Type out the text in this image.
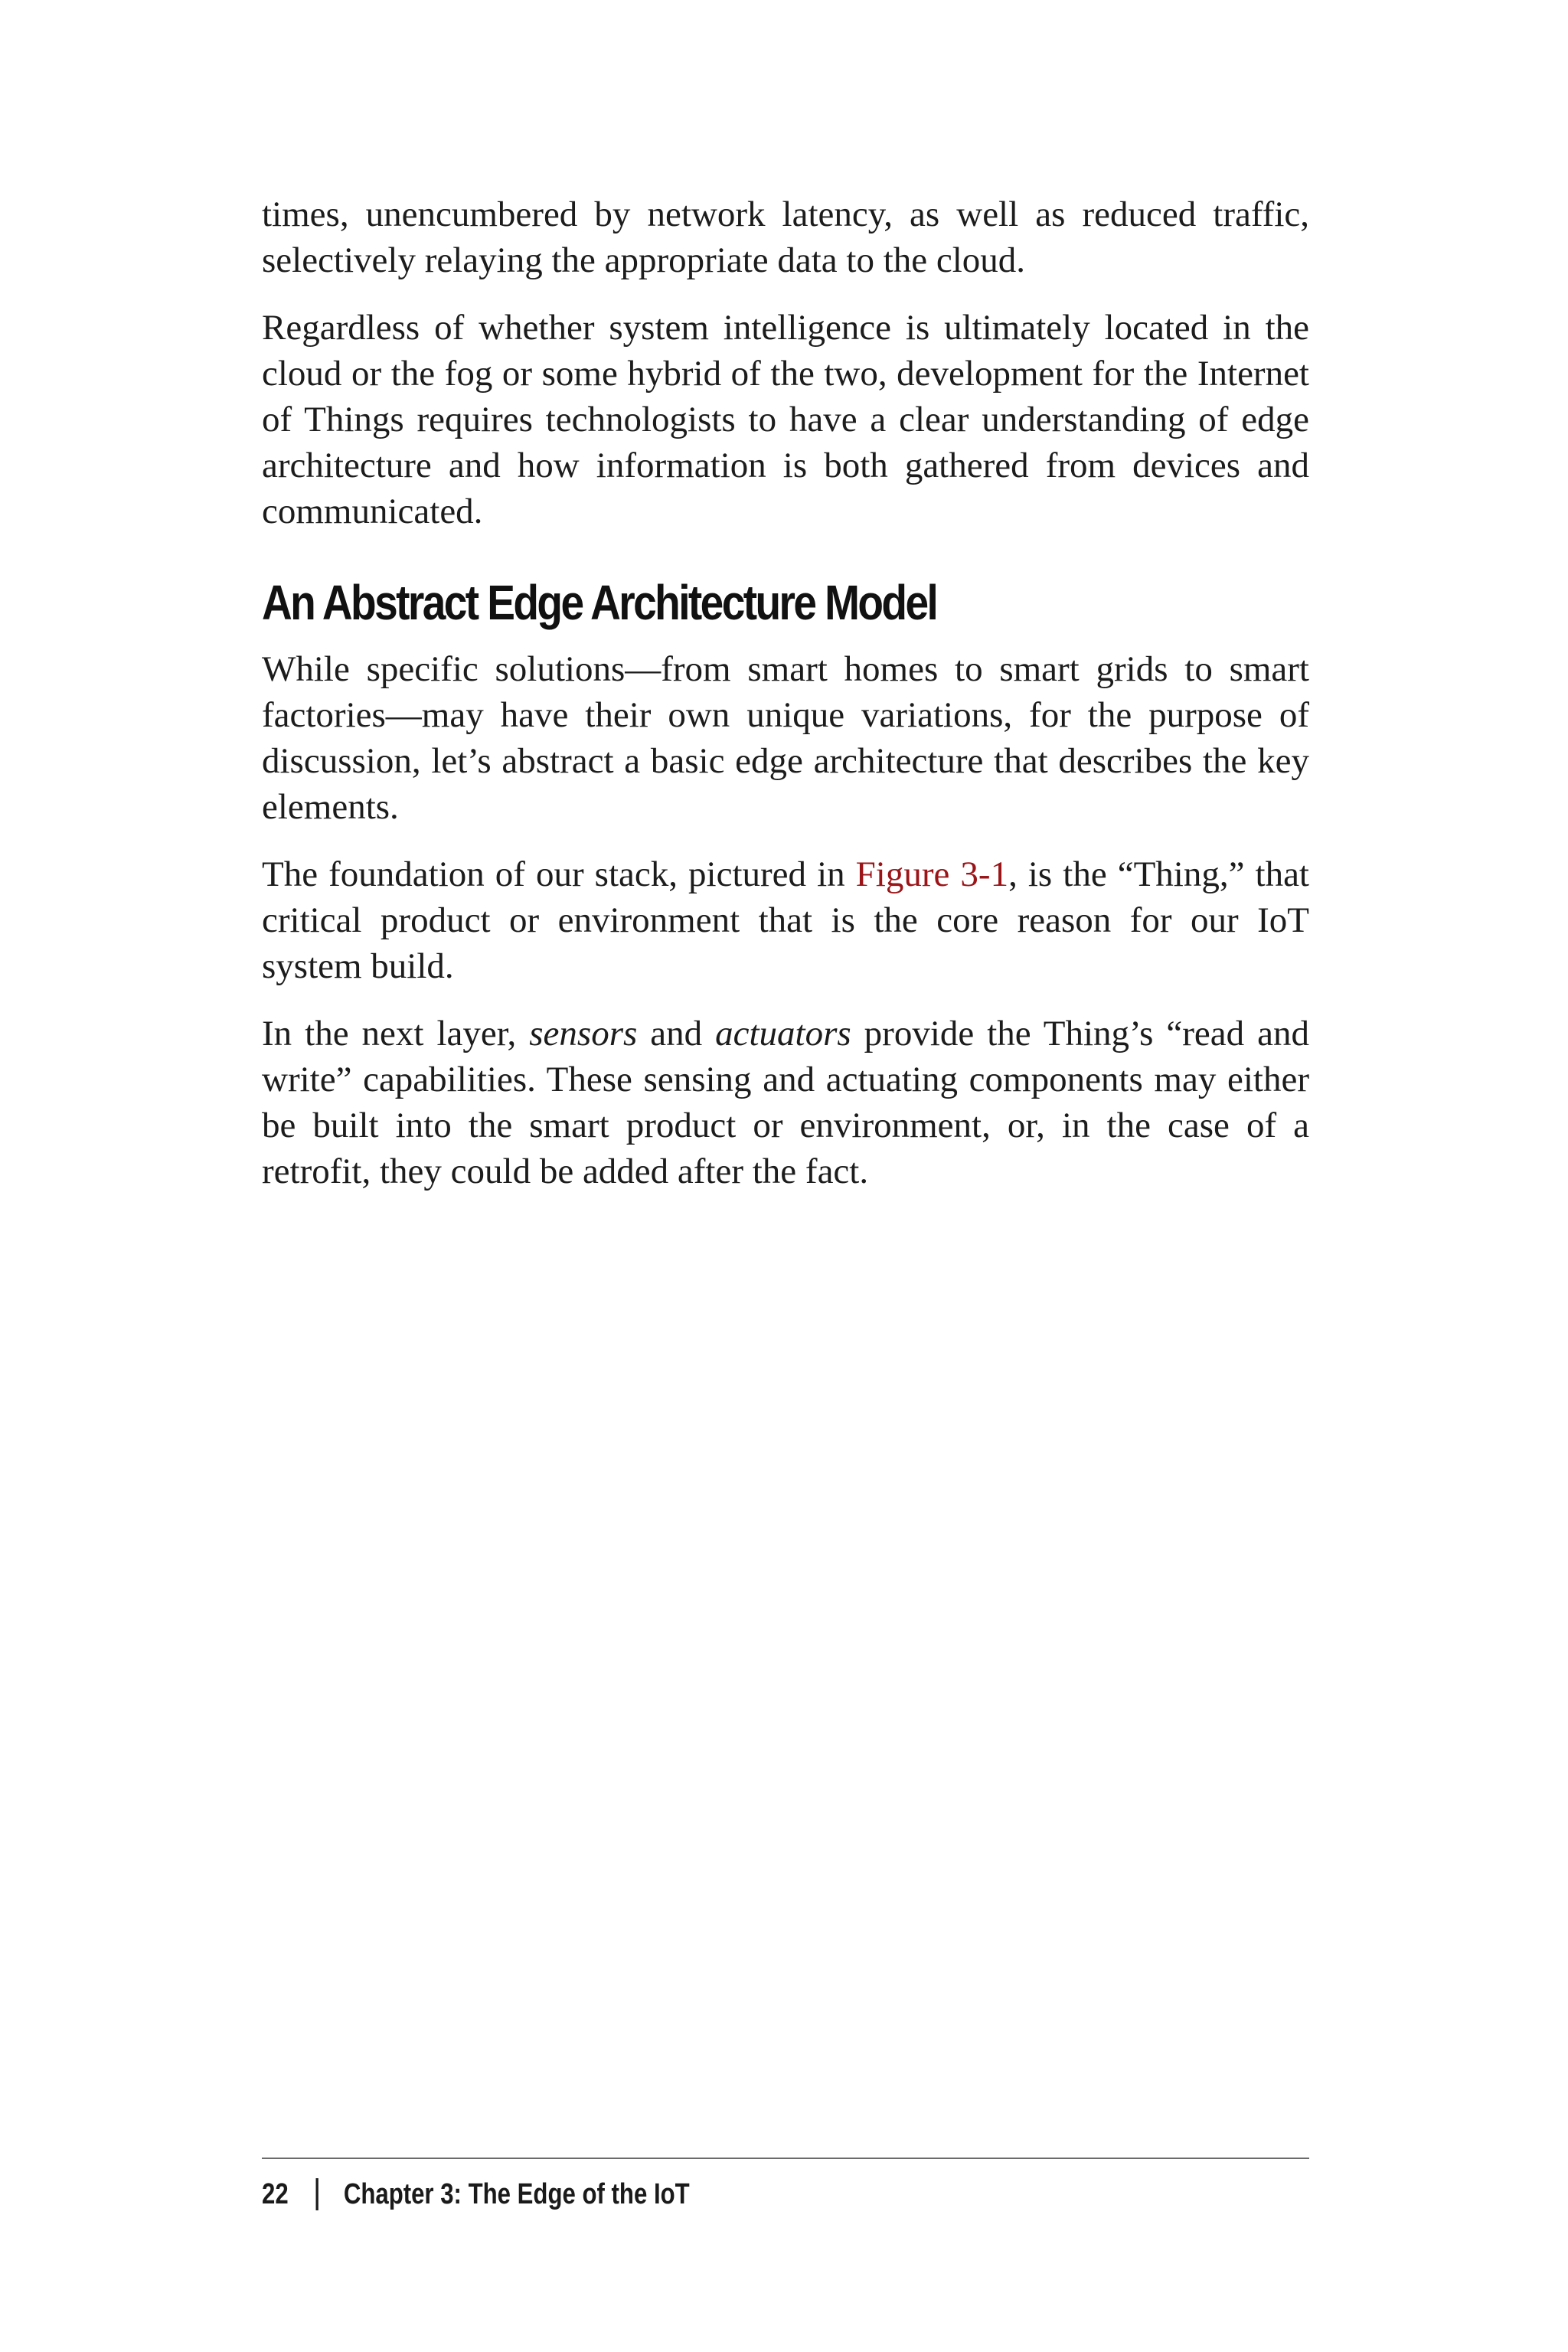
times, unencumbered by network latency, as well as reduced traffic, selectively relaying the appropriate data to the cloud.

Regardless of whether system intelligence is ultimately located in the cloud or the fog or some hybrid of the two, development for the Internet of Things requires technologists to have a clear understanding of edge architecture and how information is both gathered from devices and communicated.

An Abstract Edge Architecture Model

While specific solutions—from smart homes to smart grids to smart factories—may have their own unique variations, for the purpose of discussion, let’s abstract a basic edge architecture that describes the key elements.

The foundation of our stack, pictured in Figure 3-1, is the “Thing,” that critical product or environment that is the core reason for our IoT system build.

In the next layer, sensors and actuators provide the Thing’s “read and write” capabilities. These sensing and actuating components may either be built into the smart product or environment, or, in the case of a retrofit, they could be added after the fact.

22 Chapter 3: The Edge of the IoT
